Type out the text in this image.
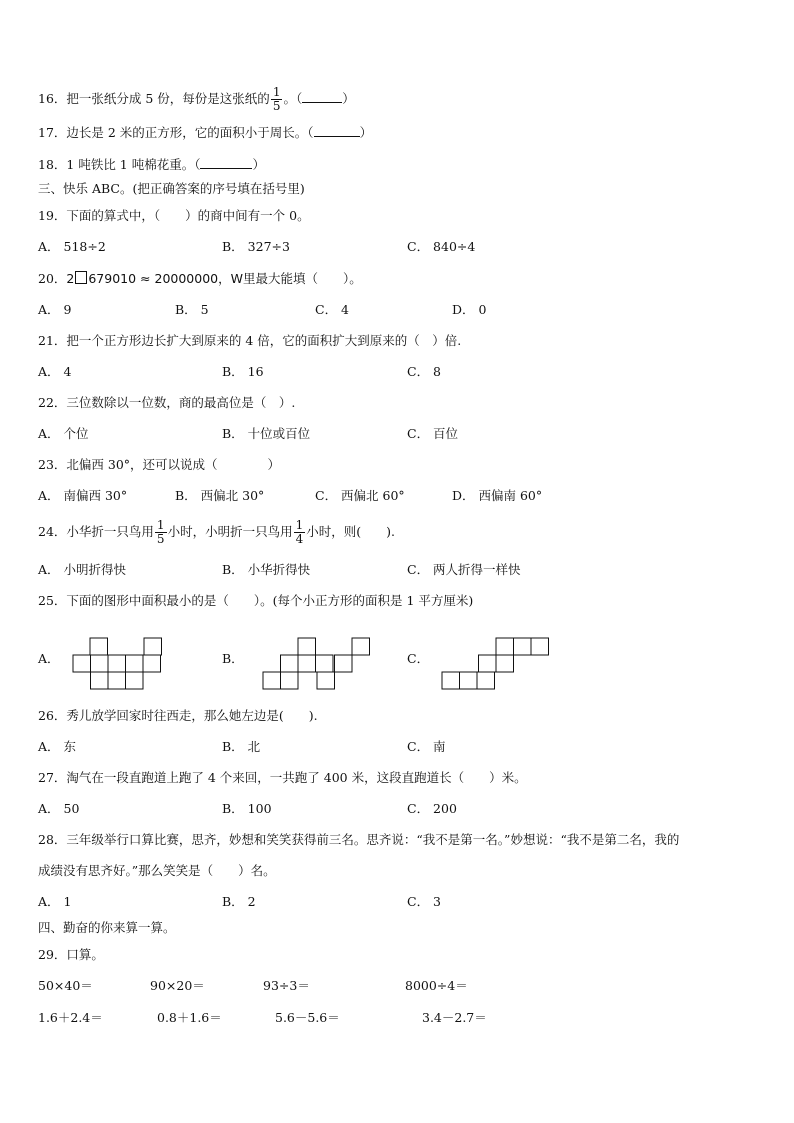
16．把一张纸分成 5 份，每份是这张纸的 $\frac{1}{5}$ 。（	）
17．边长是 2 米的正方形，它的面积小于周长。（	）
18．1 吨铁比 1 吨棉花重。（	）
三、快乐 ABC。(把正确答案的序号填在括号里)
19．下面的算式中，（　　）的商中间有一个 0。
A． 518÷2	B． 327÷3	C． 840÷4
20．2 679010 ≈ 20000000，W里最大能填（　　）。
A． 9	B． 5	C． 4	D． 0
21．把一个正方形边长扩大到原来的 4 倍，它的面积扩大到原来的（　）倍.
A． 4	B． 16	C． 8
22．三位数除以一位数，商的最高位是（　）.
A． 个位	B． 十位或百位	C． 百位
23．北偏西 30°，还可以说成（　　　　）
A． 南偏西 30°	B． 西偏北 30°	C． 西偏北 60°	D． 西偏南 60°
24．小华折一只鸟用 $\frac{1}{5}$ 小时，小明折一只鸟用 $\frac{1}{4}$ 小时，则(　　).
A． 小明折得快	B． 小华折得快	C． 两人折得一样快
25．下面的图形中面积最小的是（　　）。(每个小正方形的面积是 1 平方厘米)
A．	B．	C．
26．秀儿放学回家时往西走，那么她左边是(　　).
A． 东	B． 北	C． 南
27．淘气在一段直跑道上跑了 4 个来回，一共跑了 400 米，这段直跑道长（　　）米。
A． 50	B． 100	C． 200
28．三年级举行口算比赛，思齐，妙想和笑笑获得前三名。思齐说：“我不是第一名。”妙想说：“我不是第二名，我的
成绩没有思齐好。”那么笑笑是（　　）名。
A． 1	B． 2	C． 3
四、勤奋的你来算一算。
29．口算。
50×40＝	90×20＝	93÷3＝	8000÷4＝
1.6＋2.4＝	0.8＋1.6＝	5.6－5.6＝	3.4－2.7＝
